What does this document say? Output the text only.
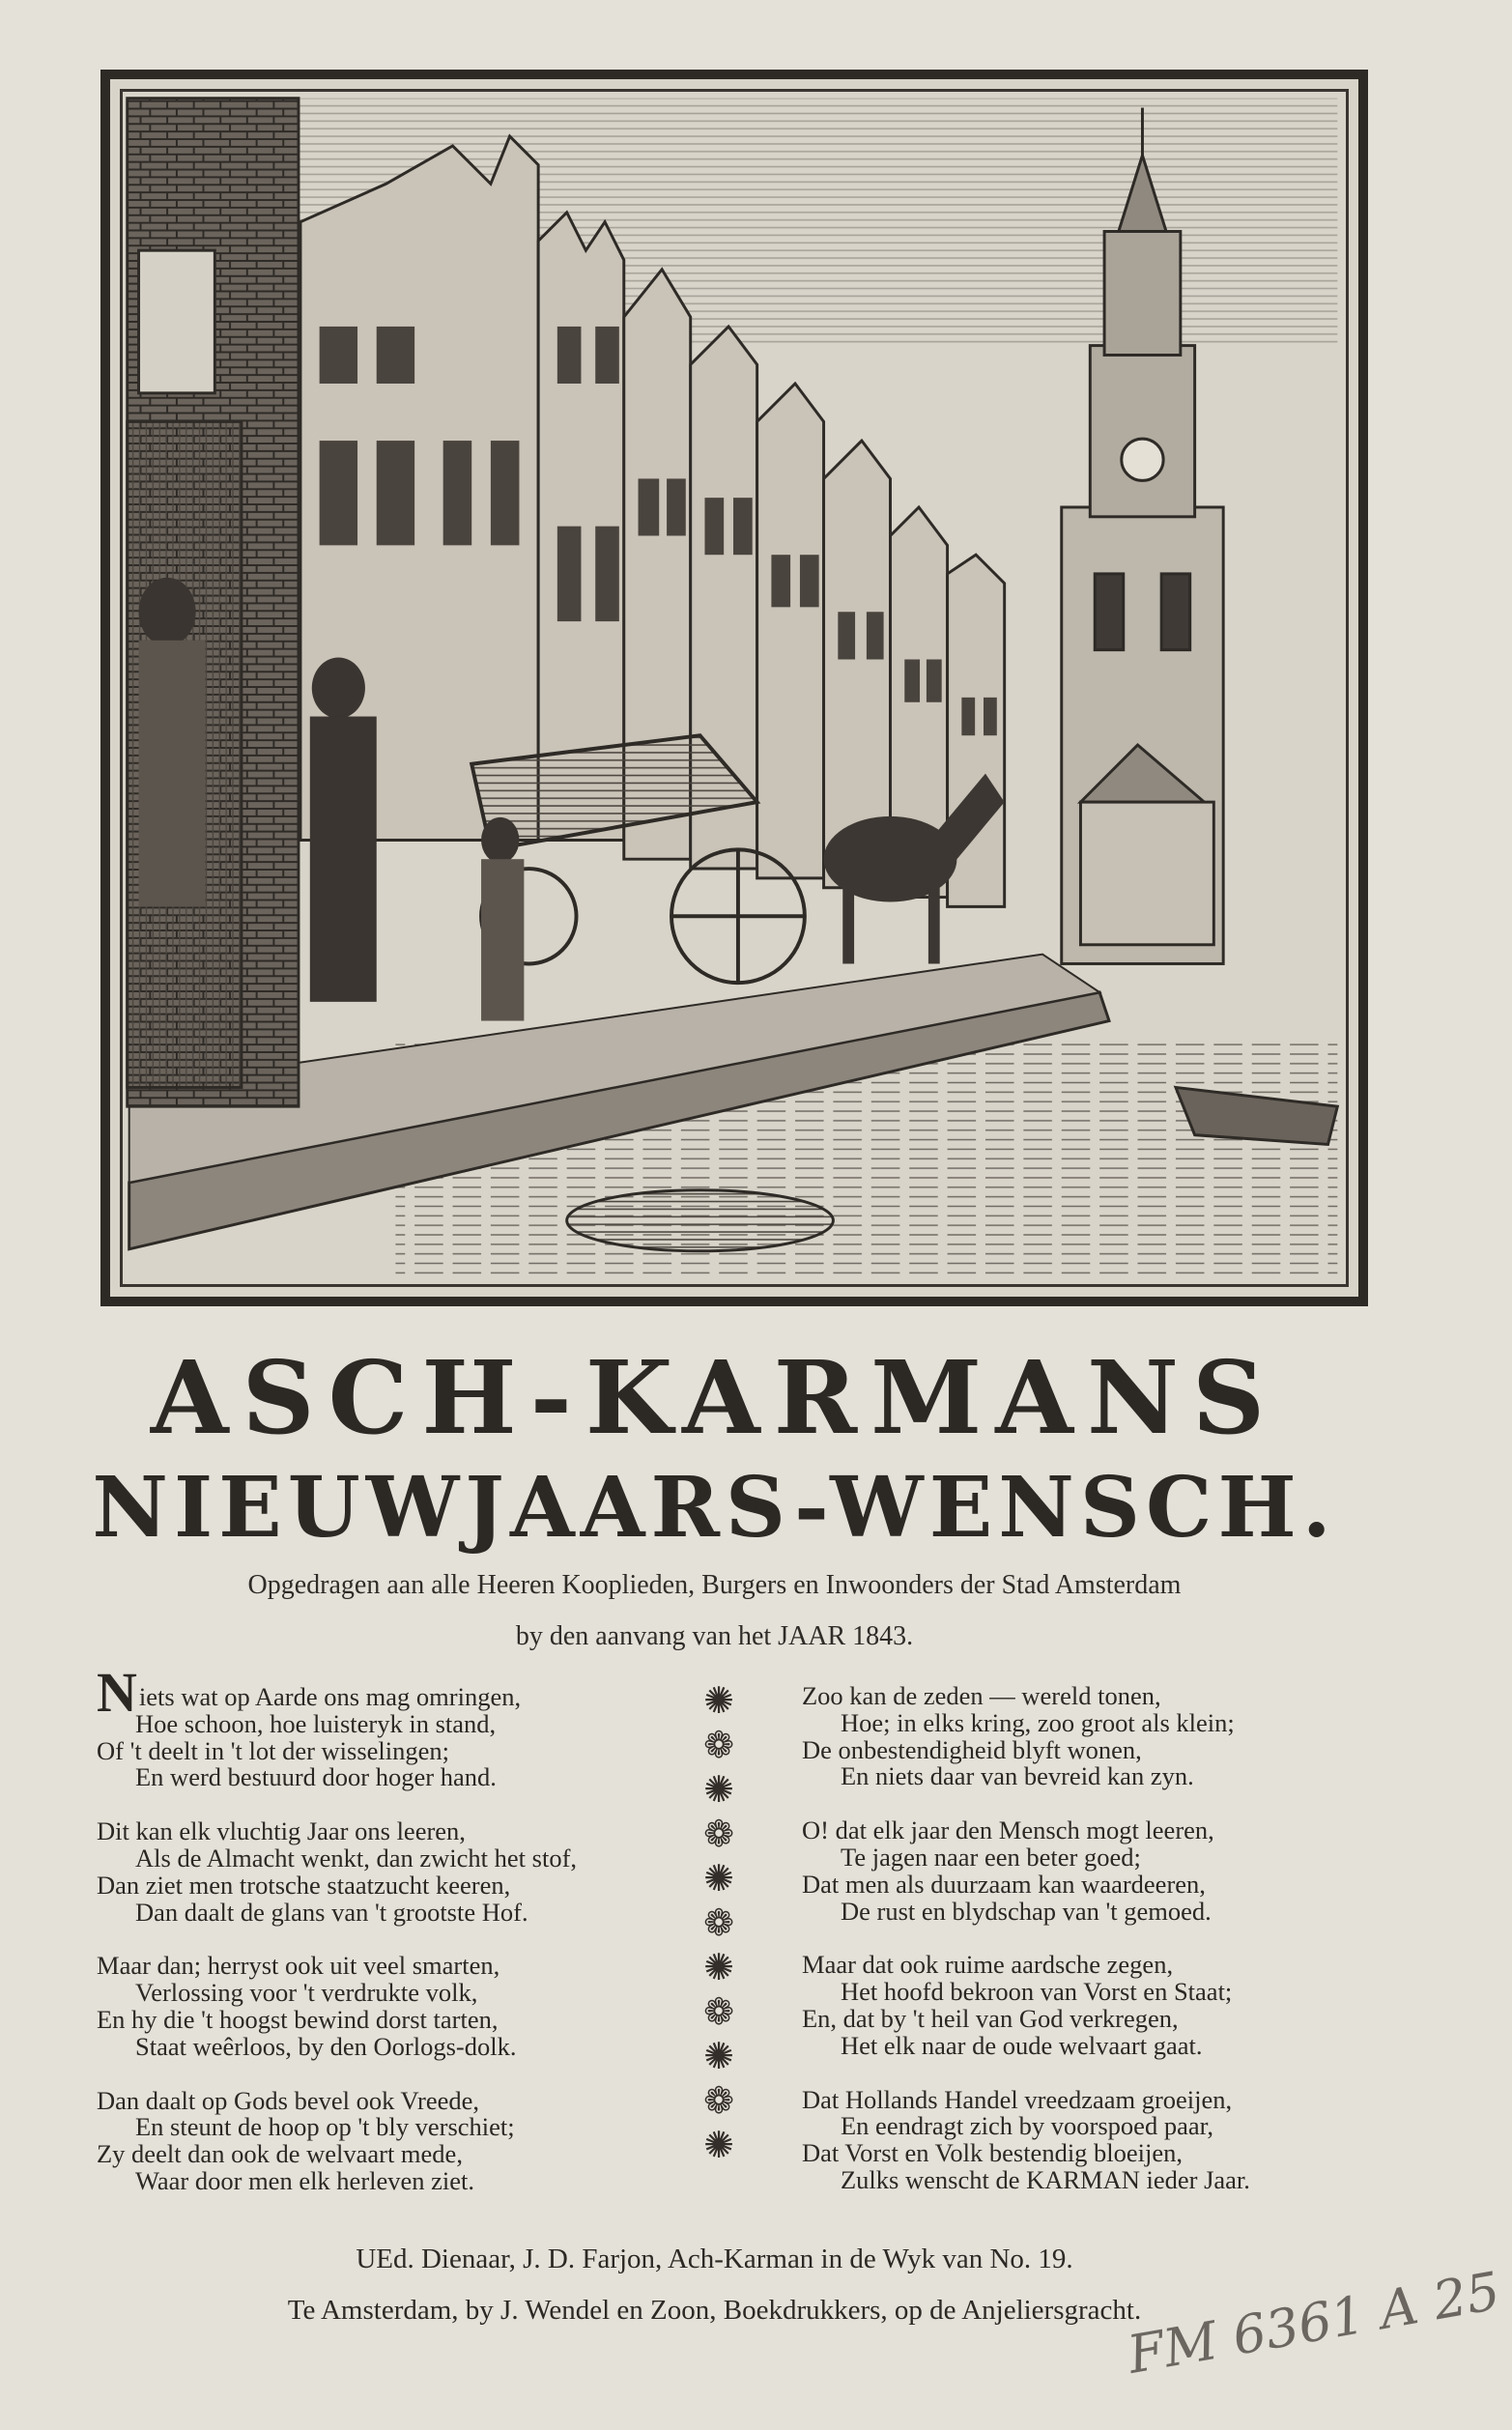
ASCH-KARMANS
NIEUWJAARS-WENSCH.
Opgedragen aan alle Heeren Kooplieden, Burgers en Inwoonders der Stad Amsterdam
by den aanvang van het JAAR 1843.
Niets wat op Aarde ons mag omringen,
Hoe schoon, hoe luisteryk in stand,
Of 't deelt in 't lot der wisselingen;
En werd bestuurd door hoger hand.
Dit kan elk vluchtig Jaar ons leeren,
Als de Almacht wenkt, dan zwicht het stof,
Dan ziet men trotsche staatzucht keeren,
Dan daalt de glans van 't grootste Hof.
Maar dan; herryst ook uit veel smarten,
Verlossing voor 't verdrukte volk,
En hy die 't hoogst bewind dorst tarten,
Staat weêrloos, by den Oorlogs-dolk.
Dan daalt op Gods bevel ook Vreede,
En steunt de hoop op 't bly verschiet;
Zy deelt dan ook de welvaart mede,
Waar door men elk herleven ziet.
✺
❁
✺
❁
✺
❁
✺
❁
✺
❁
✺
Zoo kan de zeden — wereld tonen,
Hoe; in elks kring, zoo groot als klein;
De onbestendigheid blyft wonen,
En niets daar van bevreid kan zyn.
O! dat elk jaar den Mensch mogt leeren,
Te jagen naar een beter goed;
Dat men als duurzaam kan waardeeren,
De rust en blydschap van 't gemoed.
Maar dat ook ruime aardsche zegen,
Het hoofd bekroon van Vorst en Staat;
En, dat by 't heil van God verkregen,
Het elk naar de oude welvaart gaat.
Dat Hollands Handel vreedzaam groeijen,
En eendragt zich by voorspoed paar,
Dat Vorst en Volk bestendig bloeijen,
Zulks wenscht de KARMAN ieder Jaar.
UEd. Dienaar, J. D. Farjon, Ach-Karman in de Wyk van No. 19.
Te Amsterdam, by J. Wendel en Zoon, Boekdrukkers, op de Anjeliersgracht.
FM 6361 A 25
